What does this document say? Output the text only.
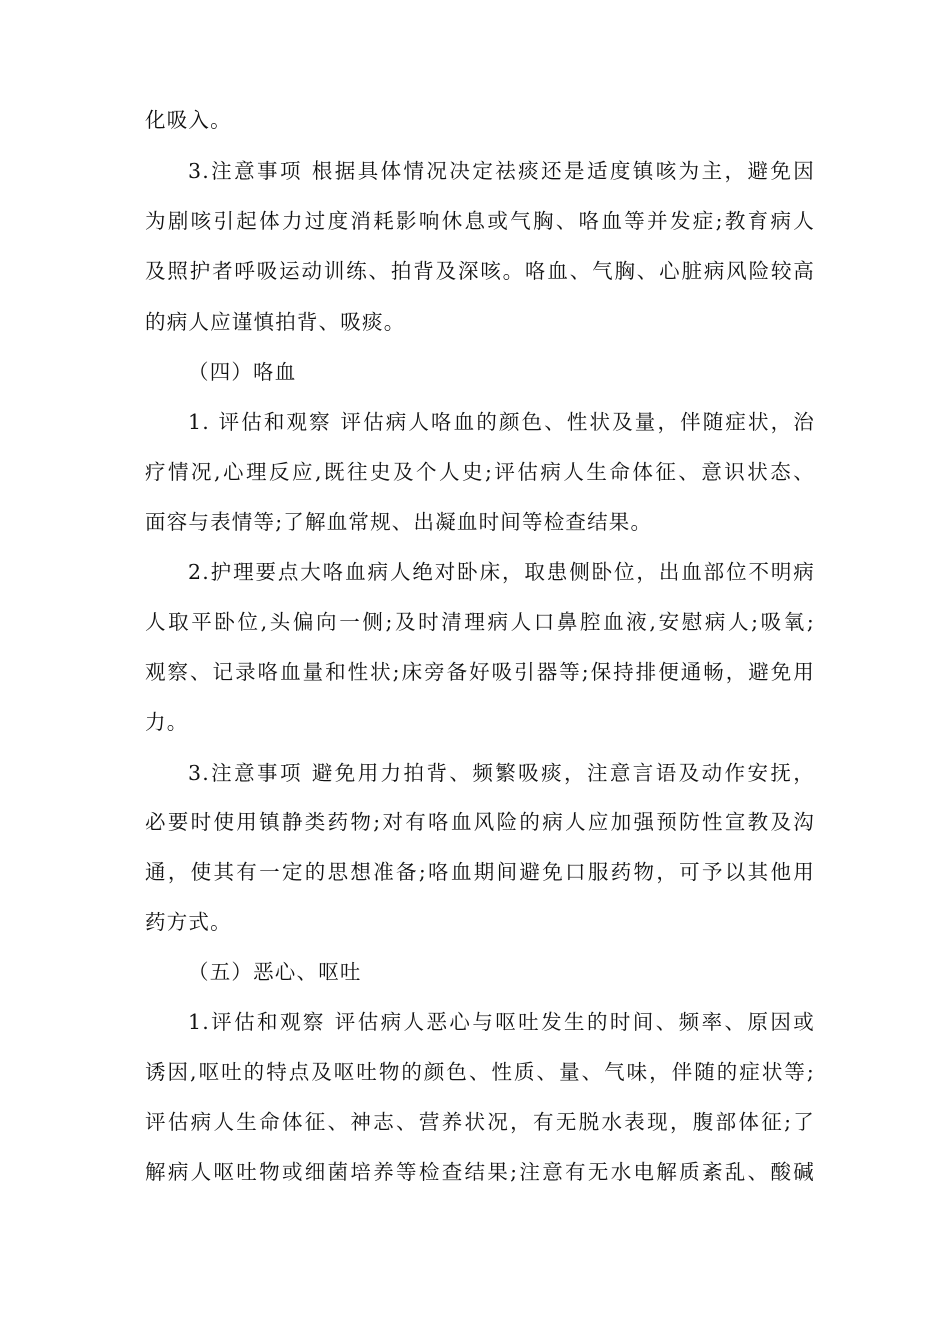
化吸入。
3.注意事项 根据具体情况决定祛痰还是适度镇咳为主，避免因
为剧咳引起体力过度消耗影响休息或气胸、咯血等并发症;教育病人
及照护者呼吸运动训练、拍背及深咳。咯血、气胸、心脏病风险较高
的病人应谨慎拍背、吸痰。
（四）咯血
1. 评估和观察 评估病人咯血的颜色、性状及量，伴随症状，治
疗情况,心理反应,既往史及个人史;评估病人生命体征、意识状态、
面容与表情等;了解血常规、出凝血时间等检查结果。
2.护理要点大咯血病人绝对卧床，取患侧卧位，出血部位不明病
人取平卧位,头偏向一侧;及时清理病人口鼻腔血液,安慰病人;吸氧;
观察、记录咯血量和性状;床旁备好吸引器等;保持排便通畅，避免用
力。
3.注意事项 避免用力拍背、频繁吸痰，注意言语及动作安抚，
必要时使用镇静类药物;对有咯血风险的病人应加强预防性宣教及沟
通，使其有一定的思想准备;咯血期间避免口服药物，可予以其他用
药方式。
（五）恶心、呕吐
1.评估和观察 评估病人恶心与呕吐发生的时间、频率、原因或
诱因,呕吐的特点及呕吐物的颜色、性质、量、气味，伴随的症状等;
评估病人生命体征、神志、营养状况，有无脱水表现，腹部体征;了
解病人呕吐物或细菌培养等检查结果;注意有无水电解质紊乱、酸碱
